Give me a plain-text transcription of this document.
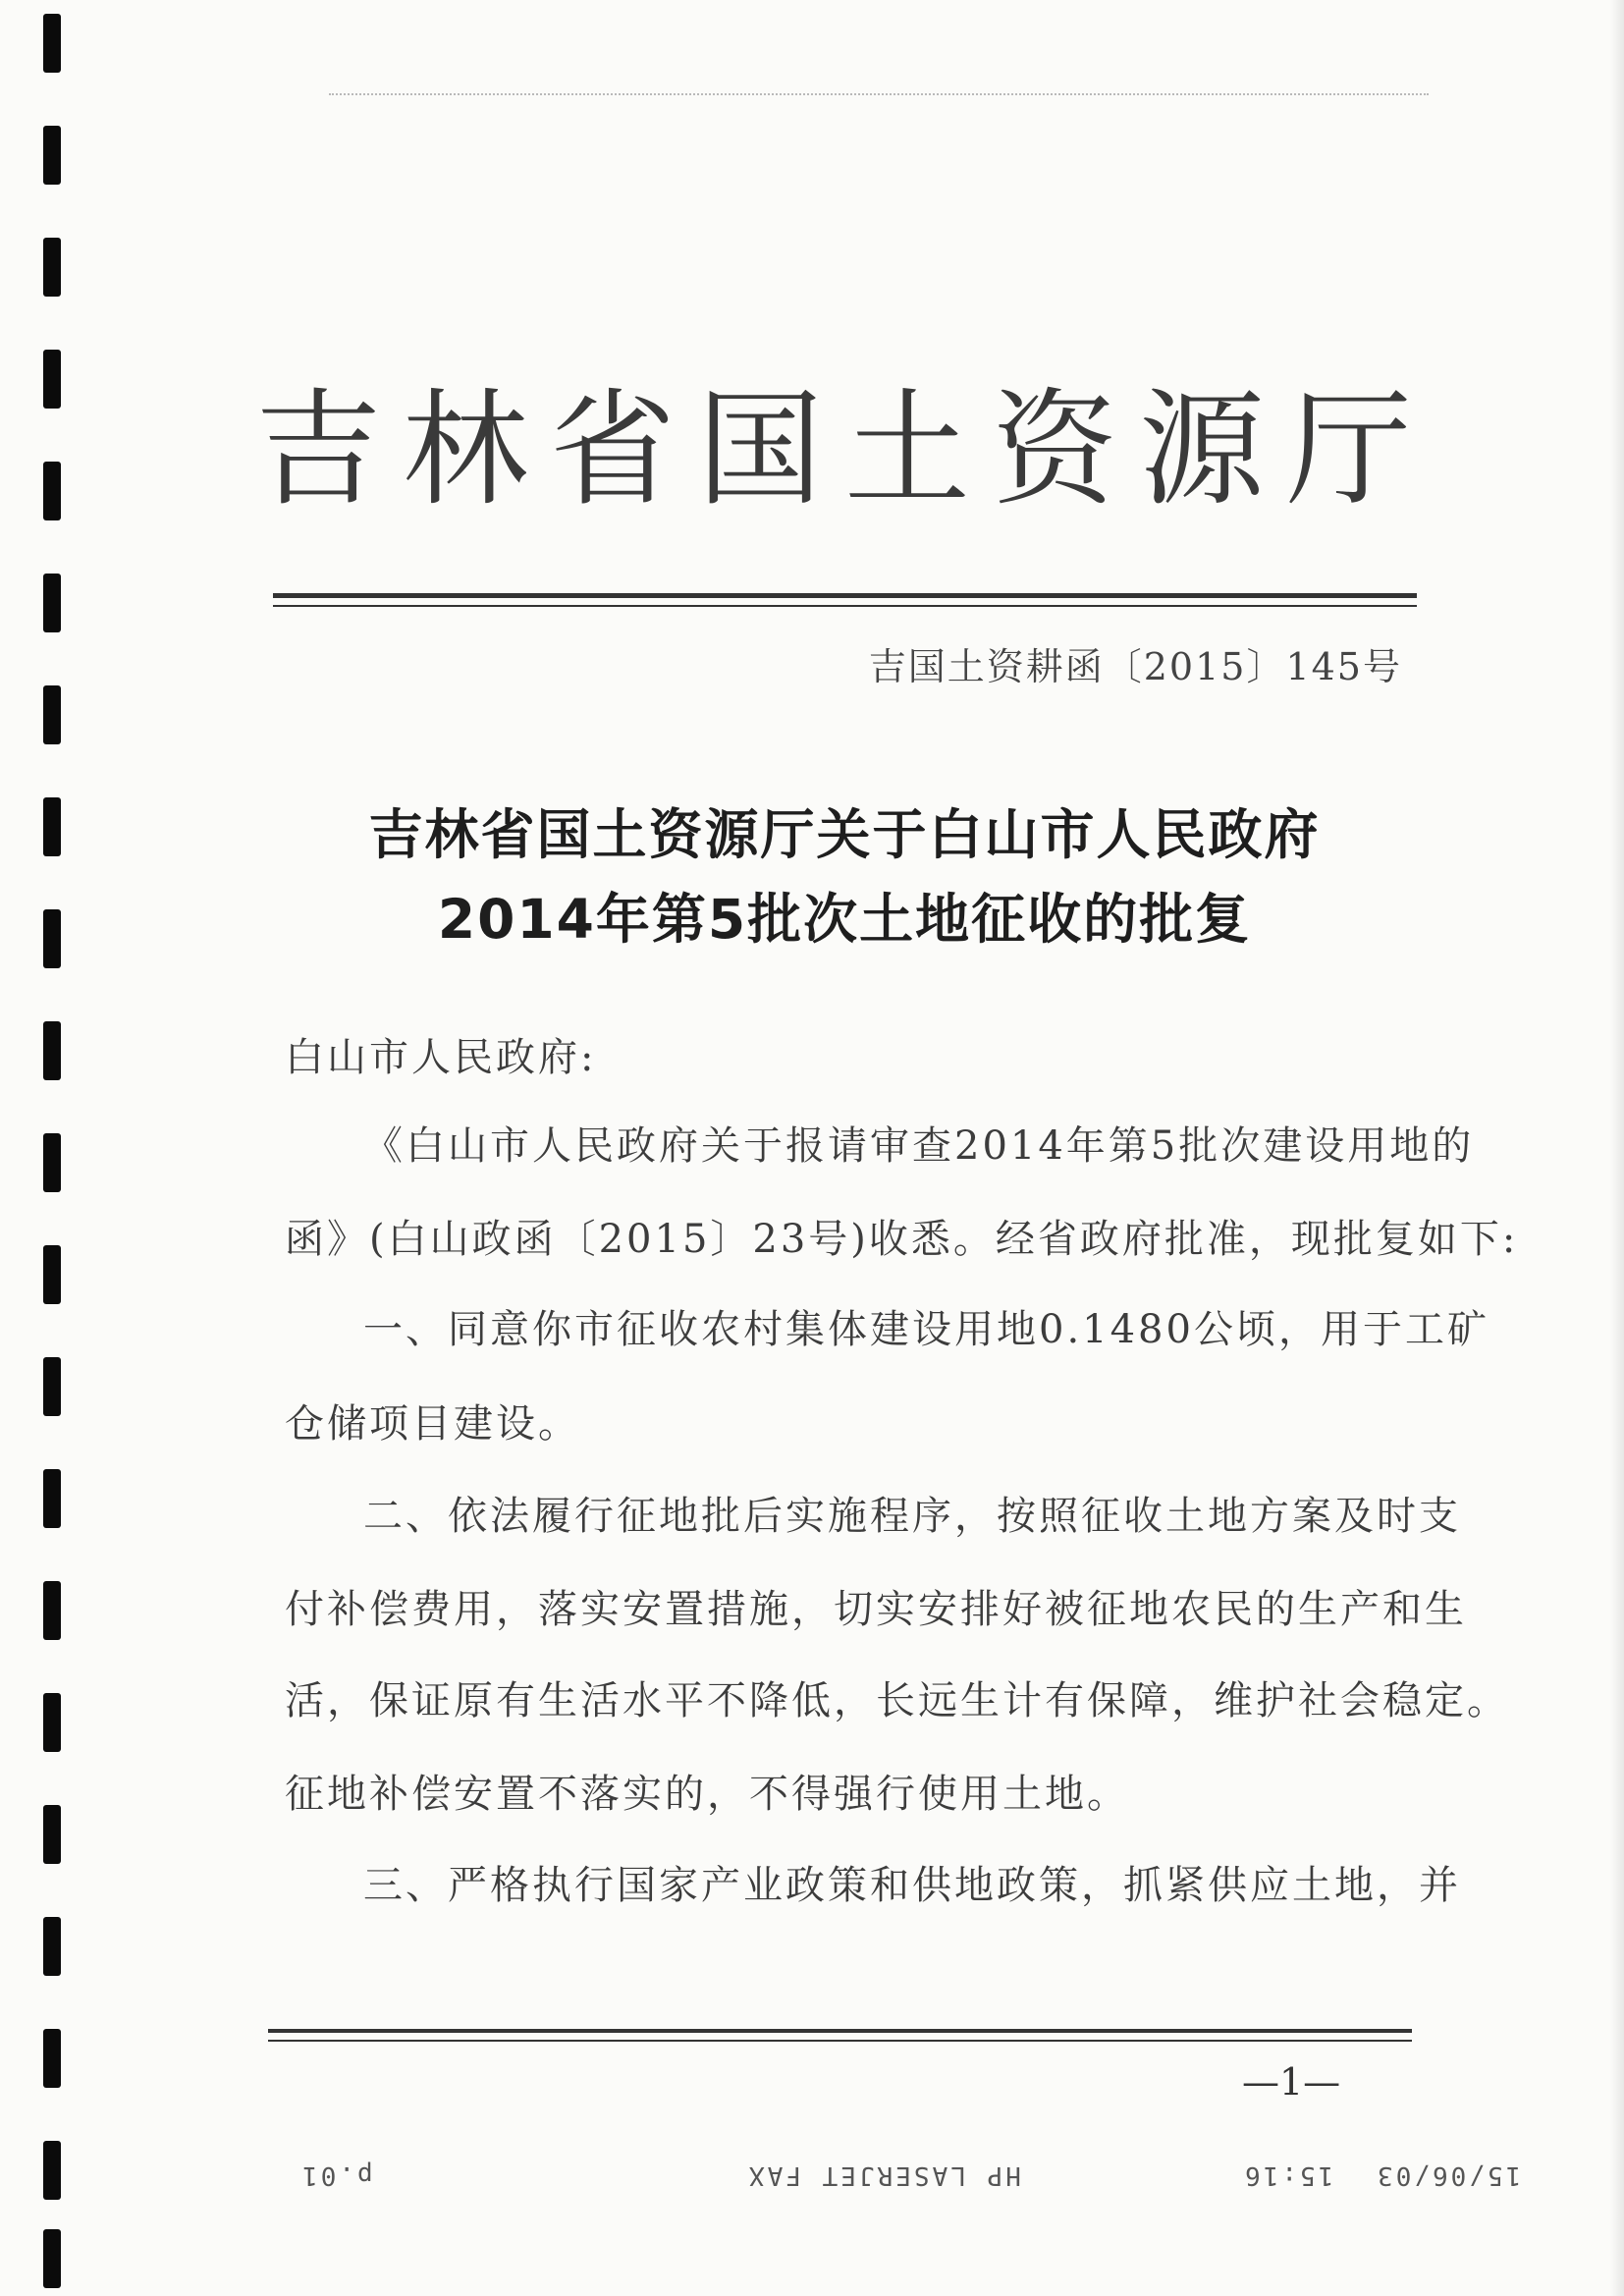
吉林省国土资源厅
吉国土资耕函〔2015〕145号
吉林省国土资源厅关于白山市人民政府
2014年第5批次土地征收的批复
白山市人民政府:
《白山市人民政府关于报请审查2014年第5批次建设用地的
函》(白山政函〔2015〕23号)收悉。经省政府批准，现批复如下:
一、同意你市征收农村集体建设用地0.1480公顷，用于工矿
仓储项目建设。
二、依法履行征地批后实施程序，按照征收土地方案及时支
付补偿费用，落实安置措施，切实安排好被征地农民的生产和生
活，保证原有生活水平不降低，长远生计有保障，维护社会稳定。
征地补偿安置不落实的，不得强行使用土地。
三、严格执行国家产业政策和供地政策，抓紧供应土地，并
—1—
p.01	HP LASERJET FAX	15:16 15/06/03
